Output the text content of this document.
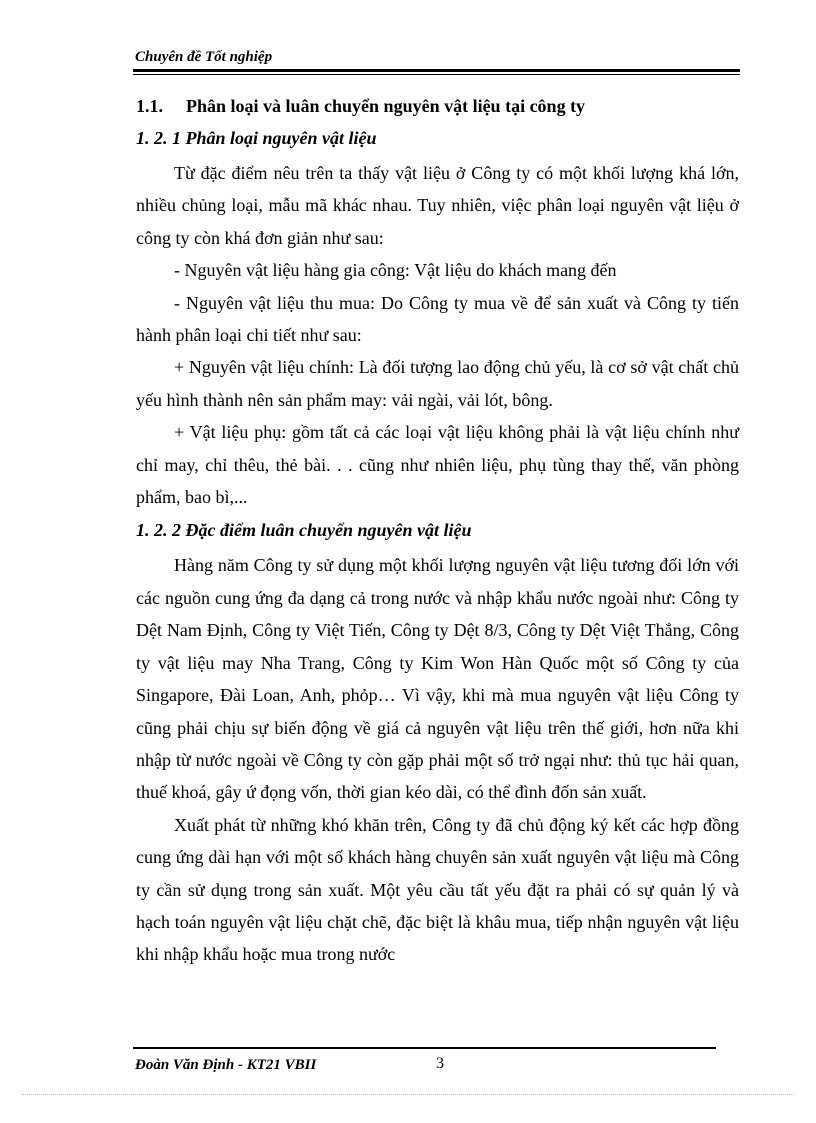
Chuyên đề Tốt nghiệp
1.1. Phân loại và luân chuyển nguyên vật liệu tại công ty
1. 2. 1 Phân loại nguyên vật liệu

Từ đặc điểm nêu trên ta thấy vật liệu ở Công ty có một khối lượng khá lớn, nhiều chủng loại, mẫu mã khác nhau. Tuy nhiên, việc phân loại nguyên vật liệu ở công ty còn khá đơn giản như sau:

- Nguyên vật liệu hàng gia công: Vật liệu do khách mang đến

- Nguyên vật liệu thu mua: Do Công ty mua về để sản xuất và Công ty tiến hành phân loại chi tiết như sau:

+ Nguyên vật liệu chính: Là đối tượng lao động chủ yếu, là cơ sở vật chất chủ yếu hình thành nên sản phẩm may: vải ngài, vải lót, bông.

+ Vật liệu phụ: gồm tất cả các loại vật liệu không phải là vật liệu chính như chỉ may, chỉ thêu, thẻ bài. . . cũng như nhiên liệu, phụ tùng thay thế, văn phòng phẩm, bao bì,...

1. 2. 2 Đặc điểm luân chuyển nguyên vật liệu

Hàng năm Công ty sử dụng một khối lượng nguyên vật liệu tương đối lớn với các nguồn cung ứng đa dạng cả trong nước và nhập khẩu nước ngoài như: Công ty Dệt Nam Định, Công ty Việt Tiến, Công ty Dệt 8/3, Công ty Dệt Việt Thắng, Công ty vật liệu may Nha Trang, Công ty Kim Won Hàn Quốc một số Công ty của Singapore, Đài Loan, Anh, phỏp… Vì vậy, khi mà mua nguyên vật liệu Công ty cũng phải chịu sự biến động về giá cả nguyên vật liệu trên thế giới, hơn nữa khi nhập từ nước ngoài về Công ty còn gặp phải một số trở ngại như: thủ tục hải quan, thuế khoá, gây ứ đọng vốn, thời gian kéo dài, có thể đình đốn sản xuất.

Xuất phát từ những khó khăn trên, Công ty đã chủ động ký kết các hợp đồng cung ứng dài hạn với một số khách hàng chuyên sản xuất nguyên vật liệu mà Công ty cần sử dụng trong sản xuất. Một yêu cầu tất yếu đặt ra phải có sự quản lý và hạch toán nguyên vật liệu chặt chẽ, đặc biệt là khâu mua, tiếp nhận nguyên vật liệu khi nhập khẩu hoặc mua trong nước

Đoàn Văn Định - KT21 VBII	3
